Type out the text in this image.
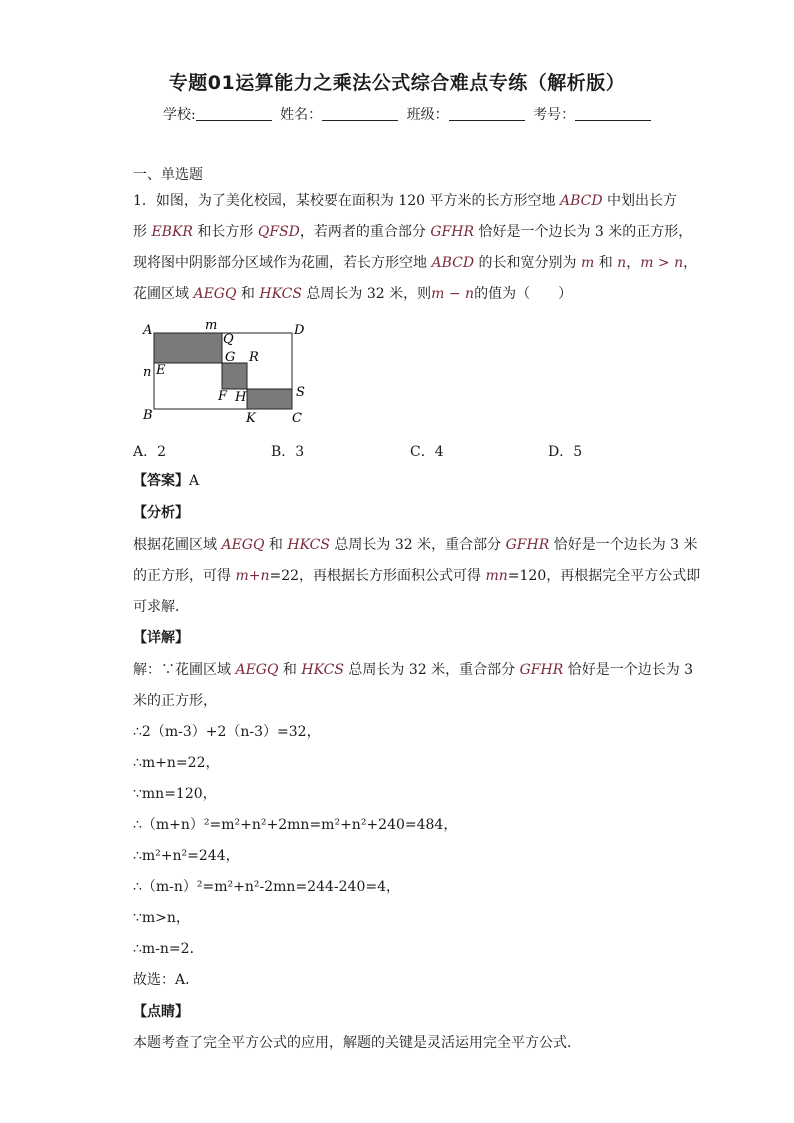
专题01运算能力之乘法公式综合难点专练（解析版）
学校:	姓名：	班级：	考号：
一、单选题
1．如图，为了美化校园，某校要在面积为 120 平方米的长方形空地 ABCD 中划出长方
形 EBKR 和长方形 QFSD，若两者的重合部分 GFHR 恰好是一个边长为 3 米的正方形，
现将图中阴影部分区域作为花圃，若长方形空地 ABCD 的长和宽分别为 m 和 n，m > n，
花圃区域 AEGQ 和 HKCS 总周长为 32 米，则m − n的值为（　　）
A	m
Q
D
G R
n E
F H	S
B	K	C
A．2	B．3	C．4	D．5
【答案】A
【分析】
根据花圃区域 AEGQ 和 HKCS 总周长为 32 米，重合部分 GFHR 恰好是一个边长为 3 米
的正方形，可得 m+n=22，再根据长方形面积公式可得 mn=120，再根据完全平方公式即
可求解．
【详解】
解：∵花圃区域 AEGQ 和 HKCS 总周长为 32 米，重合部分 GFHR 恰好是一个边长为 3
米的正方形，
∴2（m-3）+2（n-3）=32，
∴m+n=22，
∵mn=120，
∴（m+n）²=m²+n²+2mn=m²+n²+240=484，
∴m²+n²=244，
∴（m-n）²=m²+n²-2mn=244-240=4，
∵m>n，
∴m-n=2．
故选：A．
【点睛】
本题考查了完全平方公式的应用，解题的关键是灵活运用完全平方公式．
